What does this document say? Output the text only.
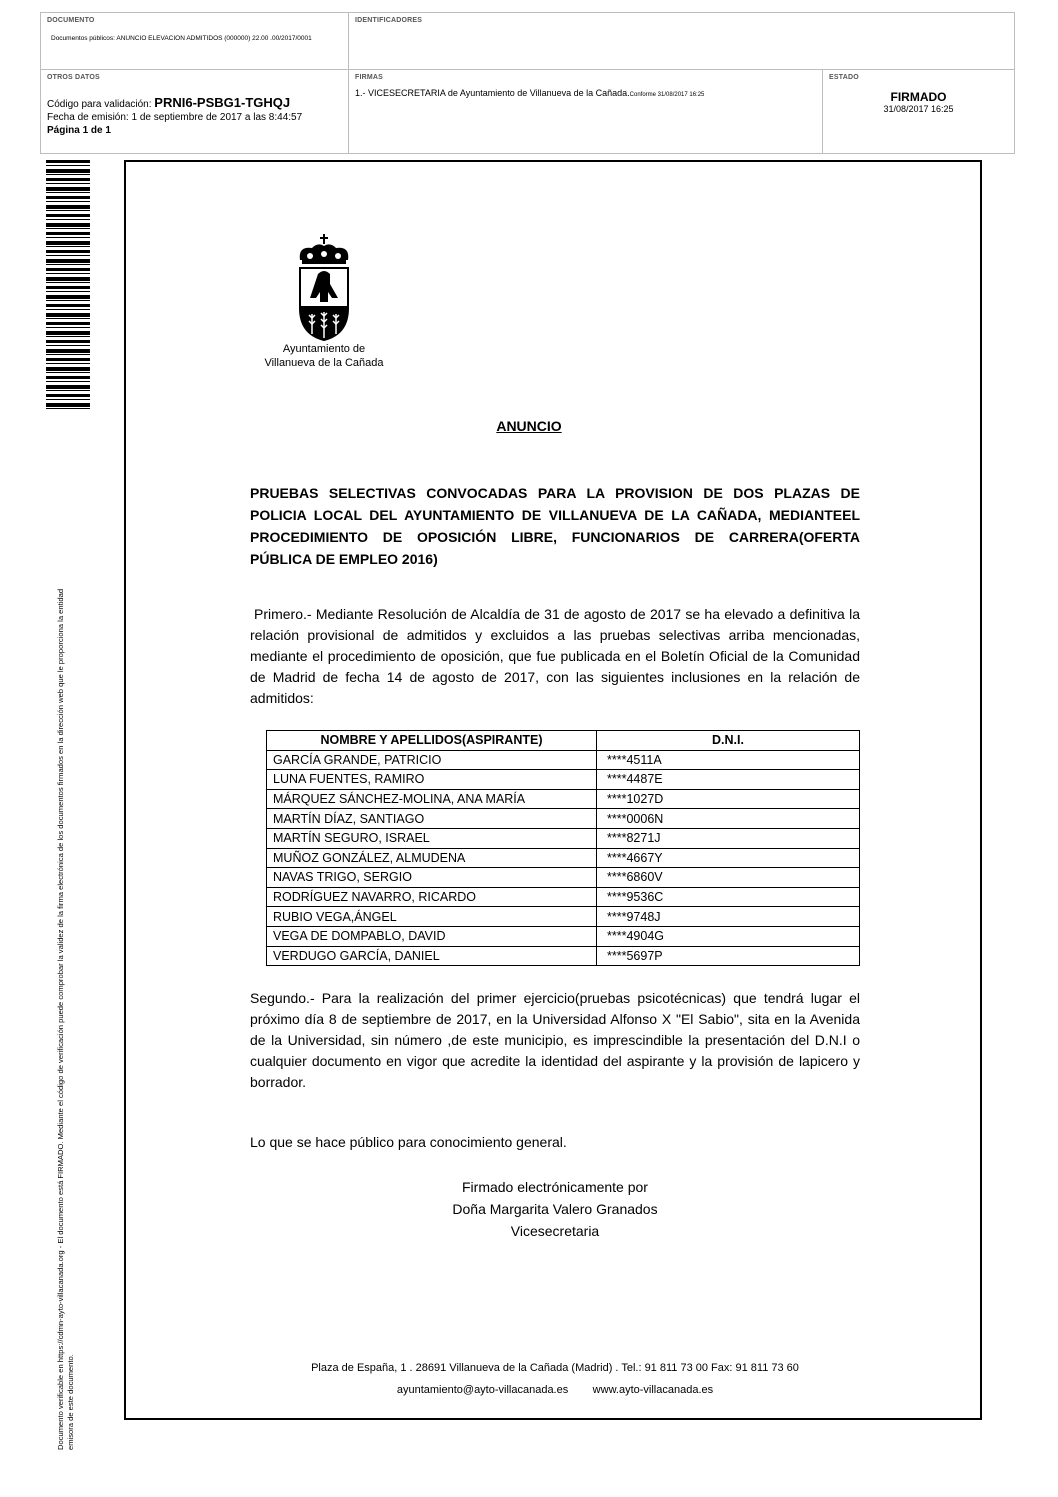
DOCUMENTO
Documentos públicos: ANUNCIO ELEVACION ADMITIDOS (000000) 22.00 .00/2017/0001
IDENTIFICADORES
OTROS DATOS
Código para validación: PRNI6-PSBG1-TGHQJ
Fecha de emisión: 1 de septiembre de 2017 a las 8:44:57
Página 1 de 1
FIRMAS
1.- VICESECRETARIA de Ayuntamiento de Villanueva de la Cañada.Conforme 31/08/2017 16:25
ESTADO
FIRMADO
31/08/2017 16:25
Documento verificable en https://cdmn-ayto-villacanada.org - El documento está FIRMADO. Mediante el código de verificación puede comprobar la validez de la firma electrónica de los documentos firmados en la dirección web que le proporciona la entidad emisora de este documento.
Ayuntamiento de
Villanueva de la Cañada
ANUNCIO
PRUEBAS SELECTIVAS CONVOCADAS PARA LA PROVISION DE DOS PLAZAS DE POLICIA LOCAL DEL AYUNTAMIENTO DE VILLANUEVA DE LA CAÑADA, MEDIANTEEL PROCEDIMIENTO DE OPOSICIÓN LIBRE, FUNCIONARIOS DE CARRERA(OFERTA PÚBLICA DE EMPLEO 2016)
Primero.- Mediante Resolución de Alcaldía de 31 de agosto de 2017 se ha elevado a definitiva la relación provisional de admitidos y excluidos a las pruebas selectivas arriba mencionadas, mediante el procedimiento de oposición, que fue publicada en el Boletín Oficial de la Comunidad de Madrid de fecha 14 de agosto de 2017, con las siguientes inclusiones en la relación de admitidos:
NOMBRE Y APELLIDOS(ASPIRANTE)	D.N.I.
GARCÍA GRANDE, PATRICIO	****4511A
LUNA FUENTES, RAMIRO	****4487E
MÁRQUEZ SÁNCHEZ-MOLINA, ANA MARÍA	****1027D
MARTÍN DÍAZ, SANTIAGO	****0006N
MARTÍN SEGURO, ISRAEL	****8271J
MUÑOZ GONZÁLEZ, ALMUDENA	****4667Y
NAVAS TRIGO, SERGIO	****6860V
RODRÍGUEZ NAVARRO, RICARDO	****9536C
RUBIO VEGA,ÁNGEL	****9748J
VEGA DE DOMPABLO, DAVID	****4904G
VERDUGO GARCÍA, DANIEL	****5697P
Segundo.- Para la realización del primer ejercicio(pruebas psicotécnicas) que tendrá lugar el próximo día 8 de septiembre de 2017, en la Universidad Alfonso X "El Sabio", sita en la Avenida de la Universidad, sin número ,de este municipio, es imprescindible la presentación del D.N.I o cualquier documento en vigor que acredite la identidad del aspirante y la provisión de lapicero y borrador.
Lo que se hace público para conocimiento general.
Firmado electrónicamente por
Doña Margarita Valero Granados
Vicesecretaria
Plaza de España, 1 . 28691 Villanueva de la Cañada (Madrid) . Tel.: 91 811 73 00 Fax: 91 811 73 60
ayuntamiento@ayto-villacanada.es        www.ayto-villacanada.es
